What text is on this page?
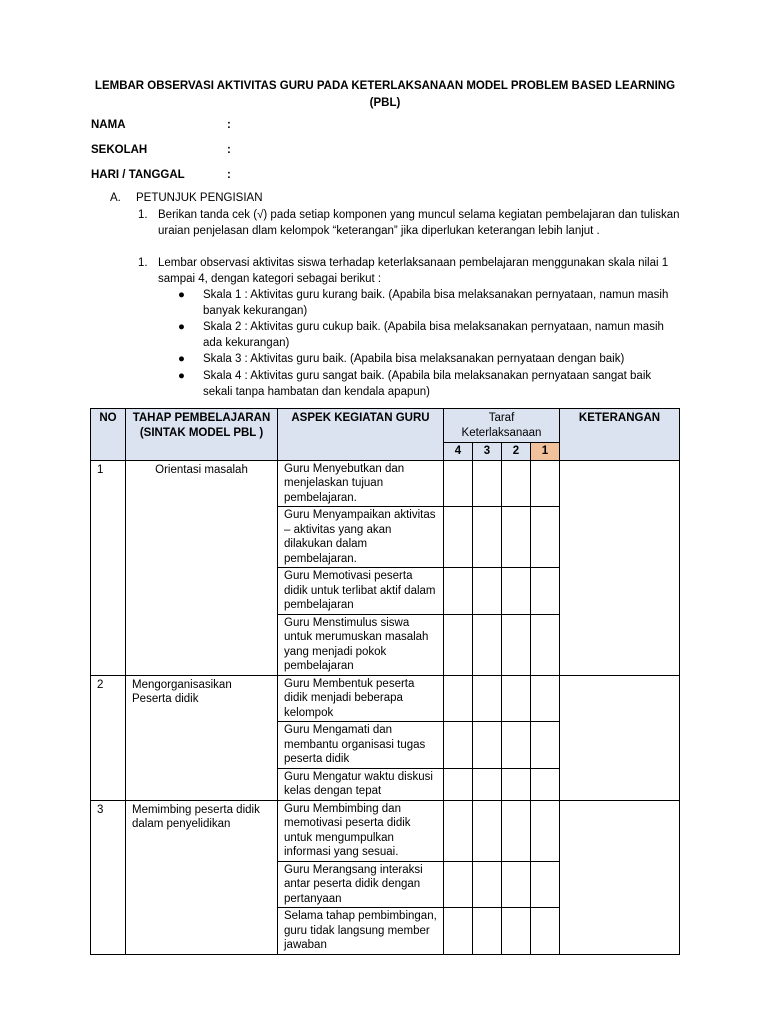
LEMBAR OBSERVASI AKTIVITAS GURU PADA KETERLAKSANAAN MODEL PROBLEM BASED LEARNING (PBL)
NAMA	:
SEKOLAH	:
HARI / TANGGAL	:
A. PETUNJUK PENGISIAN
1. Berikan tanda cek (√) pada setiap komponen yang muncul selama kegiatan pembelajaran dan tuliskan uraian penjelasan dlam kelompok “keterangan” jika diperlukan keterangan lebih lanjut .
1. Lembar observasi aktivitas siswa terhadap keterlaksanaan pembelajaran menggunakan skala nilai 1 sampai 4, dengan kategori sebagai berikut :
● Skala 1 : Aktivitas guru kurang baik. (Apabila bisa melaksanakan pernyataan, namun masih banyak kekurangan)
● Skala 2 : Aktivitas guru cukup baik. (Apabila bisa melaksanakan pernyataan, namun masih ada kekurangan)
● Skala 3 : Aktivitas guru baik. (Apabila bisa melaksanakan pernyataan dengan baik)
● Skala 4 : Aktivitas guru sangat baik. (Apabila bila melaksanakan pernyataan sangat baik sekali tanpa hambatan dan kendala apapun)
NO	TAHAP PEMBELAJARAN (SINTAK MODEL PBL )	ASPEK KEGIATAN GURU	Taraf Keterlaksanaan				KETERANGAN
			4	3	2	1	
1	Orientasi masalah	Guru Menyebutkan dan menjelaskan tujuan pembelajaran.					
		Guru Menyampaikan aktivitas – aktivitas yang akan dilakukan dalam pembelajaran.					
		Guru Memotivasi peserta didik untuk terlibat aktif dalam pembelajaran					
		Guru Menstimulus siswa untuk merumuskan masalah yang menjadi pokok pembelajaran					
2	Mengorganisasikan Peserta didik	Guru Membentuk peserta didik menjadi beberapa kelompok					
		Guru Mengamati dan membantu organisasi tugas peserta didik					
		Guru Mengatur waktu diskusi kelas dengan tepat					
3	Memimbing peserta didik dalam penyelidikan	Guru Membimbing dan memotivasi peserta didik untuk mengumpulkan informasi yang sesuai.					
		Guru Merangsang interaksi antar peserta didik dengan pertanyaan					
		Selama tahap pembimbingan, guru tidak langsung member jawaban					
